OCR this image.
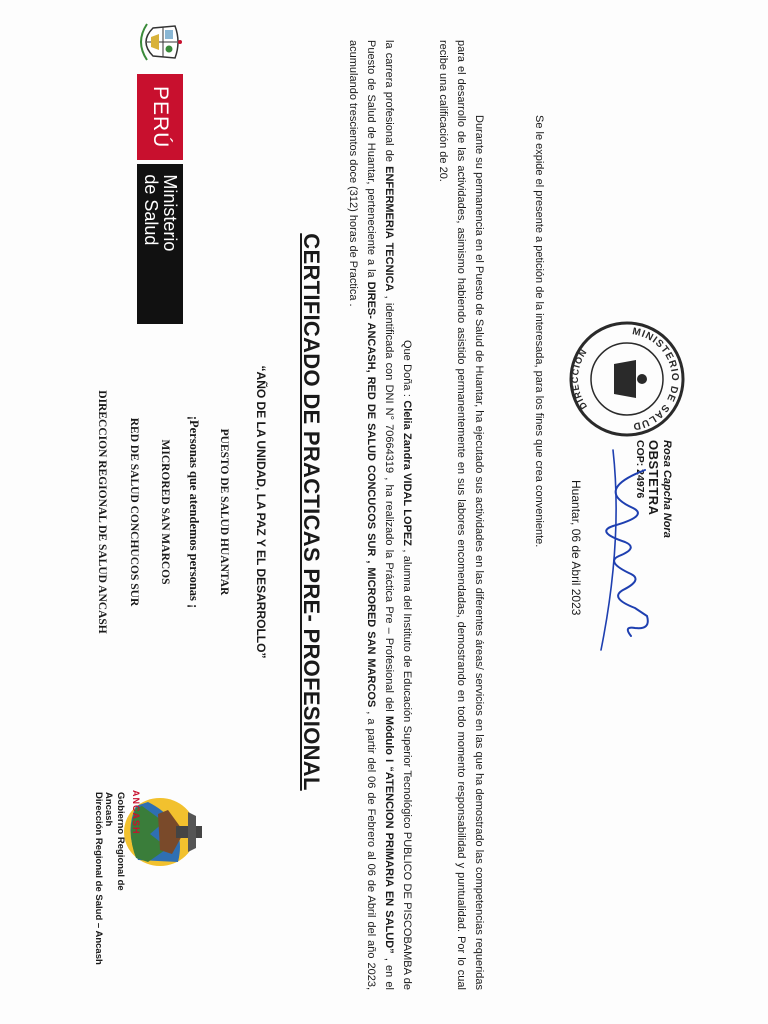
PERÚ
Ministerio
de Salud
ANCASH
Gobierno Regional de Ancash
Dirección Regional de Salud – Ancash
DIRECCION REGIONAL DE SALUD ANCASH RED DE SALUD CONCHUCOS SUR MICRORED SAN MARCOS ¡Personas que atendemos personas ¡ PUESTO DE SALUD HUANTAR “AÑO DE LA UNIDAD, LA PAZ Y EL DESARROLLO” CERTIFICADO DE PRACTICAS PRE- PROFESIONAL	Que Doña : Clelia Zandra VIDAL LOPEZ , alumna del Instituto de Educación Superior Tecnológico PUBLICO DE PISCOBAMBA de la carrera profesional de ENFERMERIA TECNICA , identificada con DNI N° 70664319 , ha realizado la Práctica Pre – Profesional del Módulo I “ATENCION PRIMARIA EN SALUD” , en el Puesto de Salud de Huantar, perteneciente a la DIRES- ANCASH, RED DE SALUD CONCUCOS SUR , MICRORED SAN MARCOS , a partir del 06 de Febrero al 06 de Abril del año 2023, acumulando trescientos doce (312) horas de Practica .	Durante su permanencia en el Puesto de Salud de Huantar, ha ejecutado sus actividades en las diferentes áreas/ servicios en las que ha demostrado las competencias requeridas para el desarrollo de las actividades, asimismo habiendo asistido permanentemente en sus labores encomendadas, demostrando en todo momento responsabilidad y puntualidad. Por lo cual recibe una calificación de 20.
Se le expide el presente a petición de la interesada, para los fines que crea conveniente.
Huantar, 06 de Abril 2023
MINISTERIO DE SALUD
DIRECCION
Rosa Capcha Nora
OBSTETRA
COP: 24976
